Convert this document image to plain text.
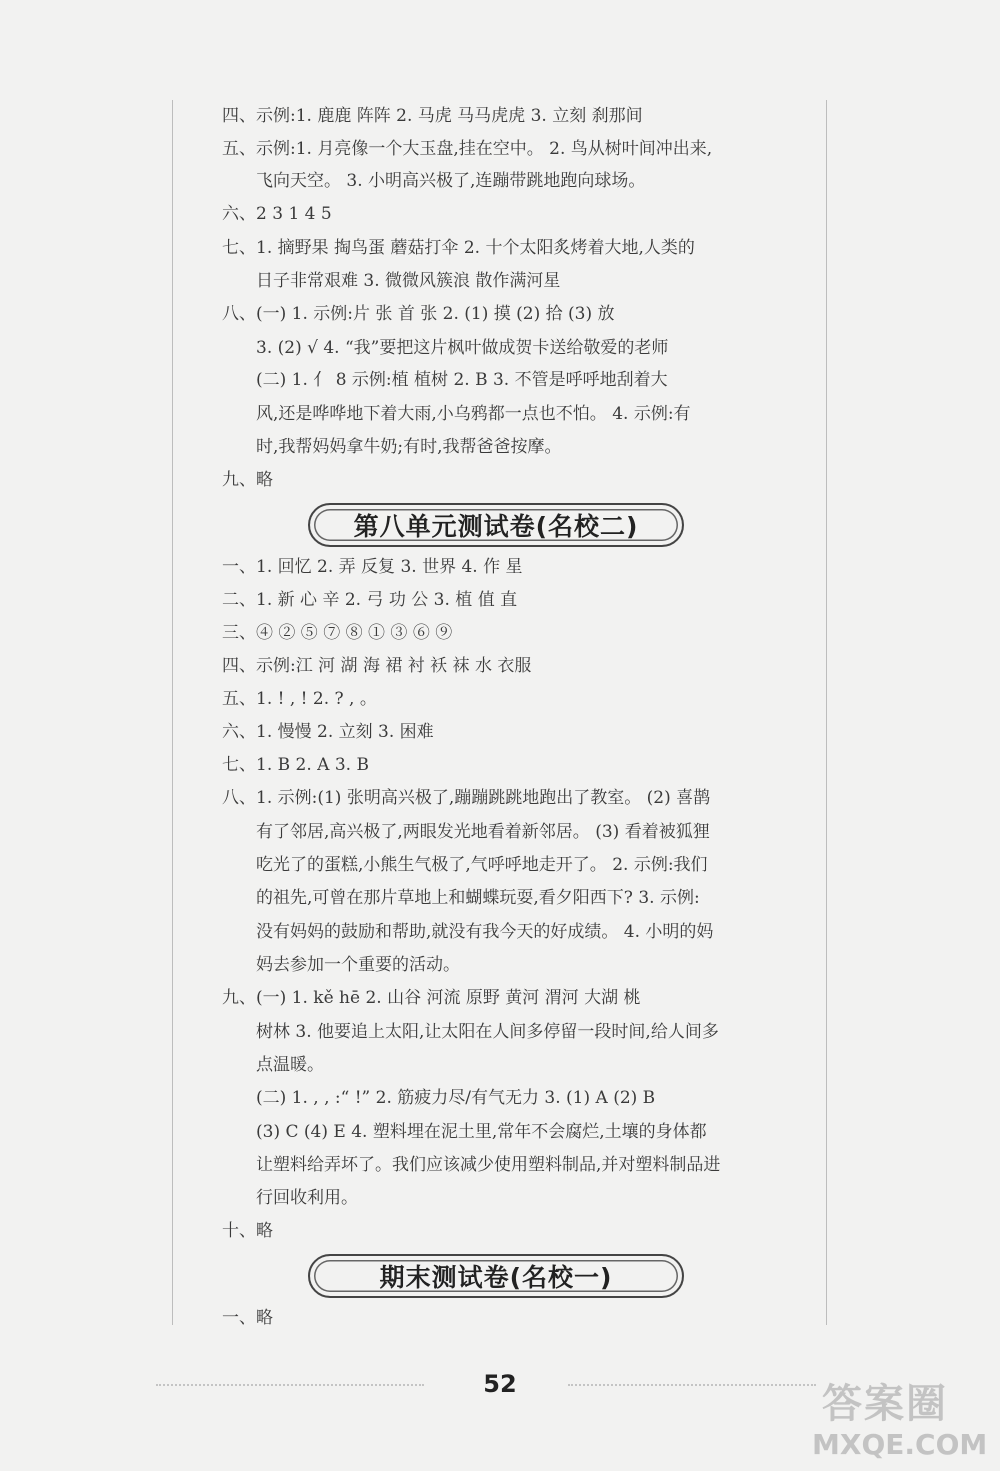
四、示例:1. 鹿鹿 阵阵 2. 马虎 马马虎虎 3. 立刻 刹那间
五、示例:1. 月亮像一个大玉盘,挂在空中。 2. 鸟从树叶间冲出来,
飞向天空。 3. 小明高兴极了,连蹦带跳地跑向球场。
六、2 3 1 4 5
七、1. 摘野果 掏鸟蛋 蘑菇打伞 2. 十个太阳炙烤着大地,人类的
日子非常艰难 3. 微微风簇浪 散作满河星
八、(一) 1. 示例:片 张 首 张 2. (1) 摸 (2) 拾 (3) 放
3. (2) √ 4. “我”要把这片枫叶做成贺卡送给敬爱的老师
(二) 1. 亻 8 示例:植 植树 2. B 3. 不管是呼呼地刮着大
风,还是哗哗地下着大雨,小乌鸦都一点也不怕。 4. 示例:有
时,我帮妈妈拿牛奶;有时,我帮爸爸按摩。
九、略
第八单元测试卷(名校二)
一、1. 回忆 2. 弄 反复 3. 世界 4. 作 星
二、1. 新 心 辛 2. 弓 功 公 3. 植 值 直
三、④ ② ⑤ ⑦ ⑧ ① ③ ⑥ ⑨
四、示例:江 河 湖 海 裙 衬 袄 袜 水 衣服
五、1. ! , ! 2. ? , 。
六、1. 慢慢 2. 立刻 3. 困难
七、1. B 2. A 3. B
八、1. 示例:(1) 张明高兴极了,蹦蹦跳跳地跑出了教室。 (2) 喜鹊
有了邻居,高兴极了,两眼发光地看着新邻居。 (3) 看着被狐狸
吃光了的蛋糕,小熊生气极了,气呼呼地走开了。 2. 示例:我们
的祖先,可曾在那片草地上和蝴蝶玩耍,看夕阳西下? 3. 示例:
没有妈妈的鼓励和帮助,就没有我今天的好成绩。 4. 小明的妈
妈去参加一个重要的活动。
九、(一) 1. kě hē 2. 山谷 河流 原野 黄河 渭河 大湖 桃
树林 3. 他要追上太阳,让太阳在人间多停留一段时间,给人间多
点温暖。
(二) 1. , , :“ !” 2. 筋疲力尽/有气无力 3. (1) A (2) B
(3) C (4) E 4. 塑料埋在泥土里,常年不会腐烂,土壤的身体都
让塑料给弄坏了。我们应该减少使用塑料制品,并对塑料制品进
行回收利用。
十、略
期末测试卷(名校一)
一、略
52	答案圈
MXQE.COM
